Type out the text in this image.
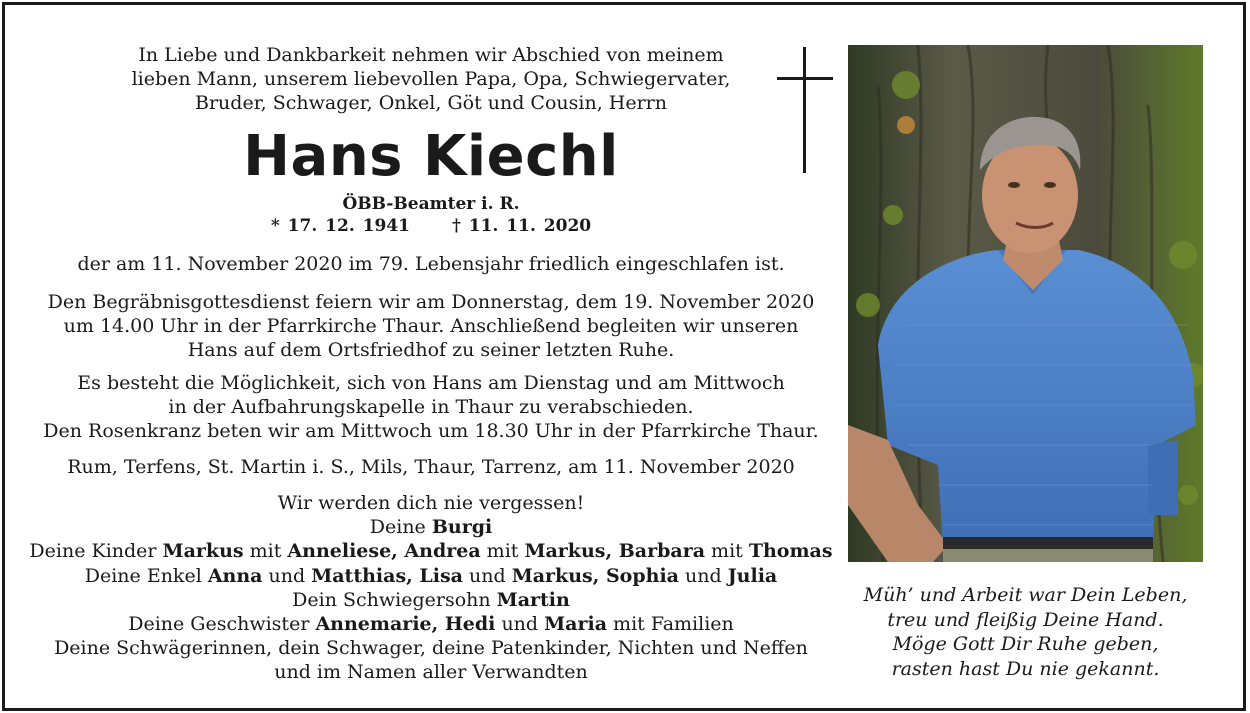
In Liebe und Dankbarkeit nehmen wir Abschied von meinem
lieben Mann, unserem liebevollen Papa, Opa, Schwiegervater,
Bruder, Schwager, Onkel, Göt und Cousin, Herrn
Hans Kiechl
ÖBB-Beamter i. R.
* 17. 12. 1941 † 11. 11. 2020
der am 11. November 2020 im 79. Lebensjahr friedlich eingeschlafen ist.
Den Begräbnisgottesdienst feiern wir am Donnerstag, dem 19. November 2020
um 14.00 Uhr in der Pfarrkirche Thaur. Anschließend begleiten wir unseren
Hans auf dem Ortsfriedhof zu seiner letzten Ruhe.
Es besteht die Möglichkeit, sich von Hans am Dienstag und am Mittwoch
in der Aufbahrungskapelle in Thaur zu verabschieden.
Den Rosenkranz beten wir am Mittwoch um 18.30 Uhr in der Pfarrkirche Thaur.
Rum, Terfens, St. Martin i. S., Mils, Thaur, Tarrenz, am 11. November 2020
Wir werden dich nie vergessen!
Deine Burgi
Deine Kinder Markus mit Anneliese, Andrea mit Markus, Barbara mit Thomas
Deine Enkel Anna und Matthias, Lisa und Markus, Sophia und Julia
Dein Schwiegersohn Martin
Deine Geschwister Annemarie, Hedi und Maria mit Familien
Deine Schwägerinnen, dein Schwager, deine Patenkinder, Nichten und Neffen
und im Namen aller Verwandten
Müh’ und Arbeit war Dein Leben,
treu und fleißig Deine Hand.
Möge Gott Dir Ruhe geben,
rasten hast Du nie gekannt.
